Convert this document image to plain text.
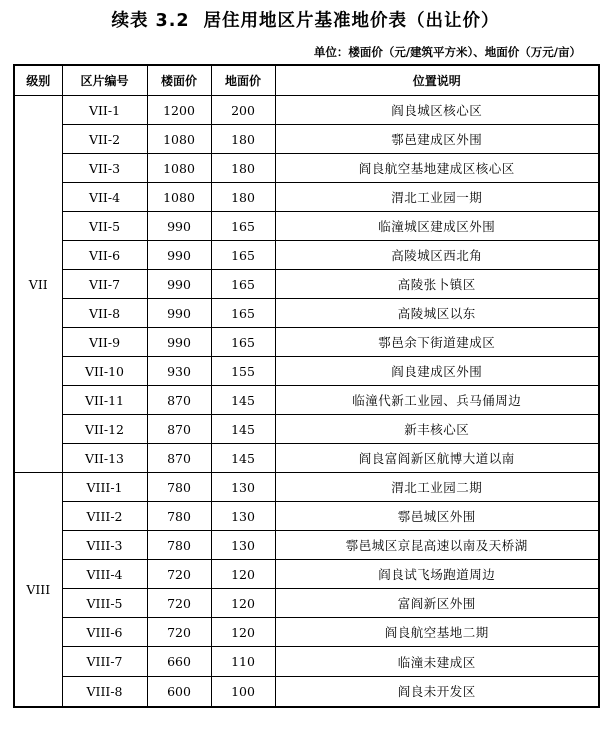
续表 3.2 居住用地区片基准地价表（出让价）
单位：楼面价（元/建筑平方米）、地面价（万元/亩）
级别	区片编号	楼面价	地面价	位置说明
VII	VII-1	1200	200	阎良城区核心区
	VII-2	1080	180	鄠邑建成区外围
	VII-3	1080	180	阎良航空基地建成区核心区
	VII-4	1080	180	渭北工业园一期
	VII-5	990	165	临潼城区建成区外围
	VII-6	990	165	高陵城区西北角
	VII-7	990	165	高陵张卜镇区
	VII-8	990	165	高陵城区以东
	VII-9	990	165	鄠邑余下街道建成区
	VII-10	930	155	阎良建成区外围
	VII-11	870	145	临潼代新工业园、兵马俑周边
	VII-12	870	145	新丰核心区
	VII-13	870	145	阎良富阎新区航博大道以南
VIII	VIII-1	780	130	渭北工业园二期
	VIII-2	780	130	鄠邑城区外围
	VIII-3	780	130	鄠邑城区京昆高速以南及天桥湖
	VIII-4	720	120	阎良试飞场跑道周边
	VIII-5	720	120	富阎新区外围
	VIII-6	720	120	阎良航空基地二期
	VIII-7	660	110	临潼未建成区
	VIII-8	600	100	阎良未开发区
